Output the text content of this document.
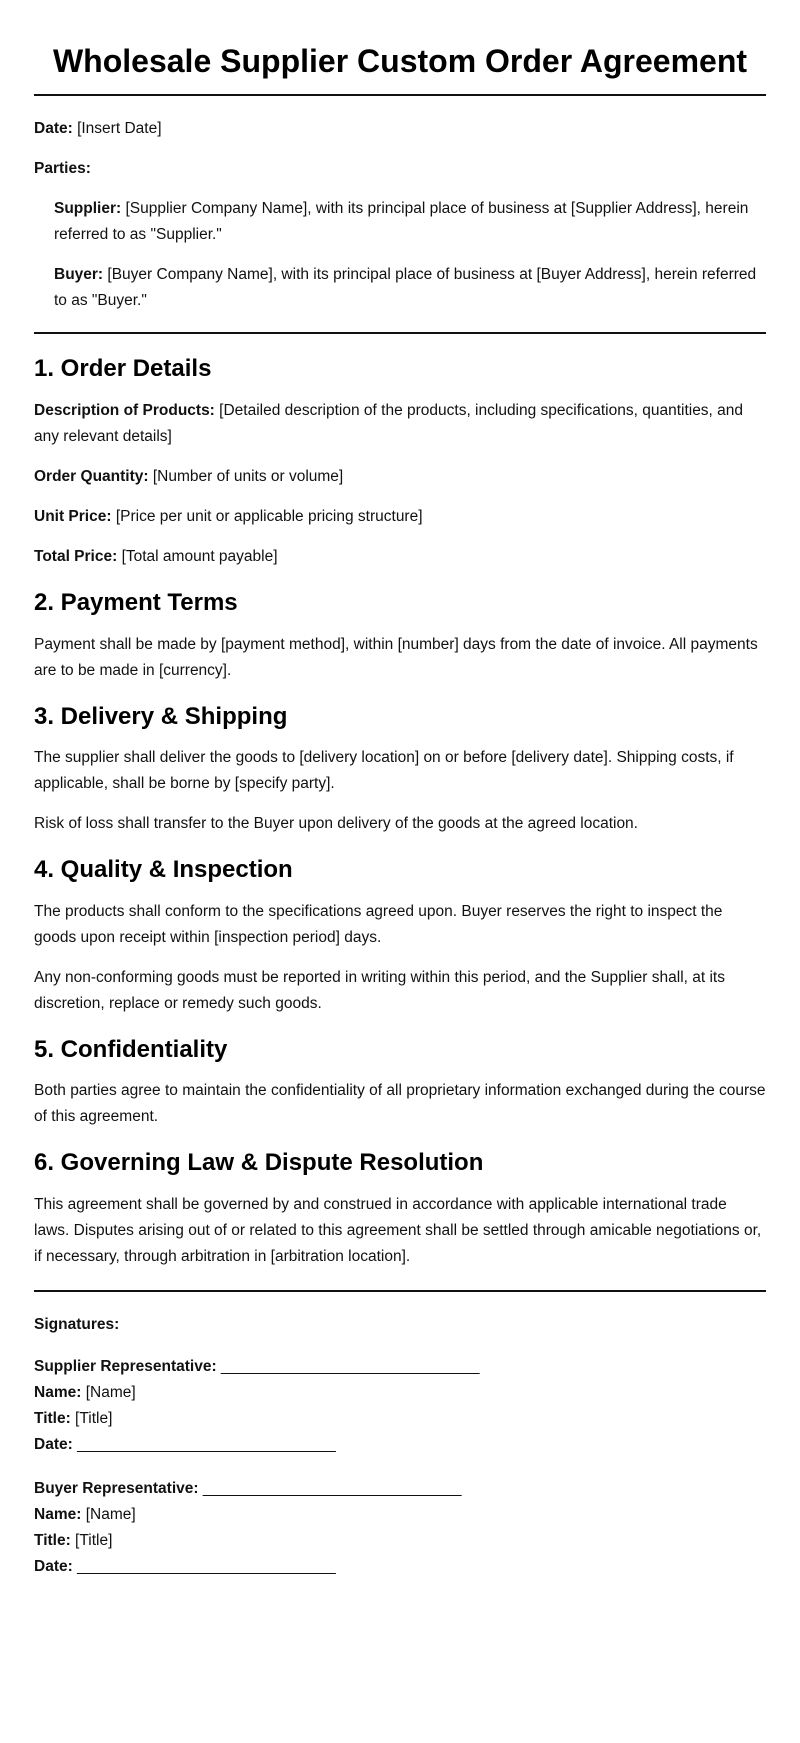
Wholesale Supplier Custom Order Agreement

Date: [Insert Date]

Parties:

Supplier: [Supplier Company Name], with its principal place of business at [Supplier Address], herein referred to as "Supplier."

Buyer: [Buyer Company Name], with its principal place of business at [Buyer Address], herein referred to as "Buyer."

1. Order Details

Description of Products: [Detailed description of the products, including specifications, quantities, and any relevant details]

Order Quantity: [Number of units or volume]

Unit Price: [Price per unit or applicable pricing structure]

Total Price: [Total amount payable]

2. Payment Terms

Payment shall be made by [payment method], within [number] days from the date of invoice. All payments are to be made in [currency].

3. Delivery & Shipping

The supplier shall deliver the goods to [delivery location] on or before [delivery date]. Shipping costs, if applicable, shall be borne by [specify party].

Risk of loss shall transfer to the Buyer upon delivery of the goods at the agreed location.

4. Quality & Inspection

The products shall conform to the specifications agreed upon. Buyer reserves the right to inspect the goods upon receipt within [inspection period] days.

Any non-conforming goods must be reported in writing within this period, and the Supplier shall, at its discretion, replace or remedy such goods.

5. Confidentiality

Both parties agree to maintain the confidentiality of all proprietary information exchanged during the course of this agreement.

6. Governing Law & Dispute Resolution

This agreement shall be governed by and construed in accordance with applicable international trade laws. Disputes arising out of or related to this agreement shall be settled through amicable negotiations or, if necessary, through arbitration in [arbitration location].

Signatures:

Supplier Representative: ______________________________

Name: [Name]

Title: [Title]

Date: ______________________________

Buyer Representative: ______________________________

Name: [Name]

Title: [Title]

Date: ______________________________
